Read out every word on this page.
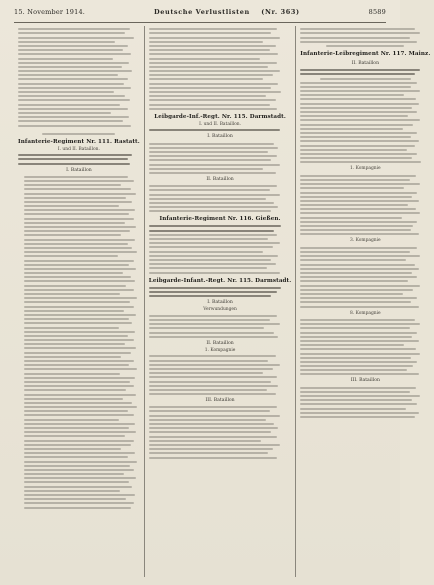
15. November 1914.	Deutsche Verlustlisten (Nr. 363)	8589
Infanterie-Regiment Nr. 111. Rastatt.
I. und II. Bataillon.
I. Bataillon
Leibgarde-Inf.-Regt. Nr. 115. Darmstadt.
I. und II. Bataillon.
I. Bataillon
II. Bataillon
Infanterie-Regiment Nr. 116. Gießen.
Leibgarde-Infant.-Regt. Nr. 115. Darmstadt.
I. Bataillon
Verwundungen
II. Bataillon
1. Kompagnie
III. Bataillon
Infanterie-Leibregiment Nr. 117. Mainz.
II. Bataillon
1. Kompagnie
3. Kompagnie
8. Kompagnie
III. Bataillon
